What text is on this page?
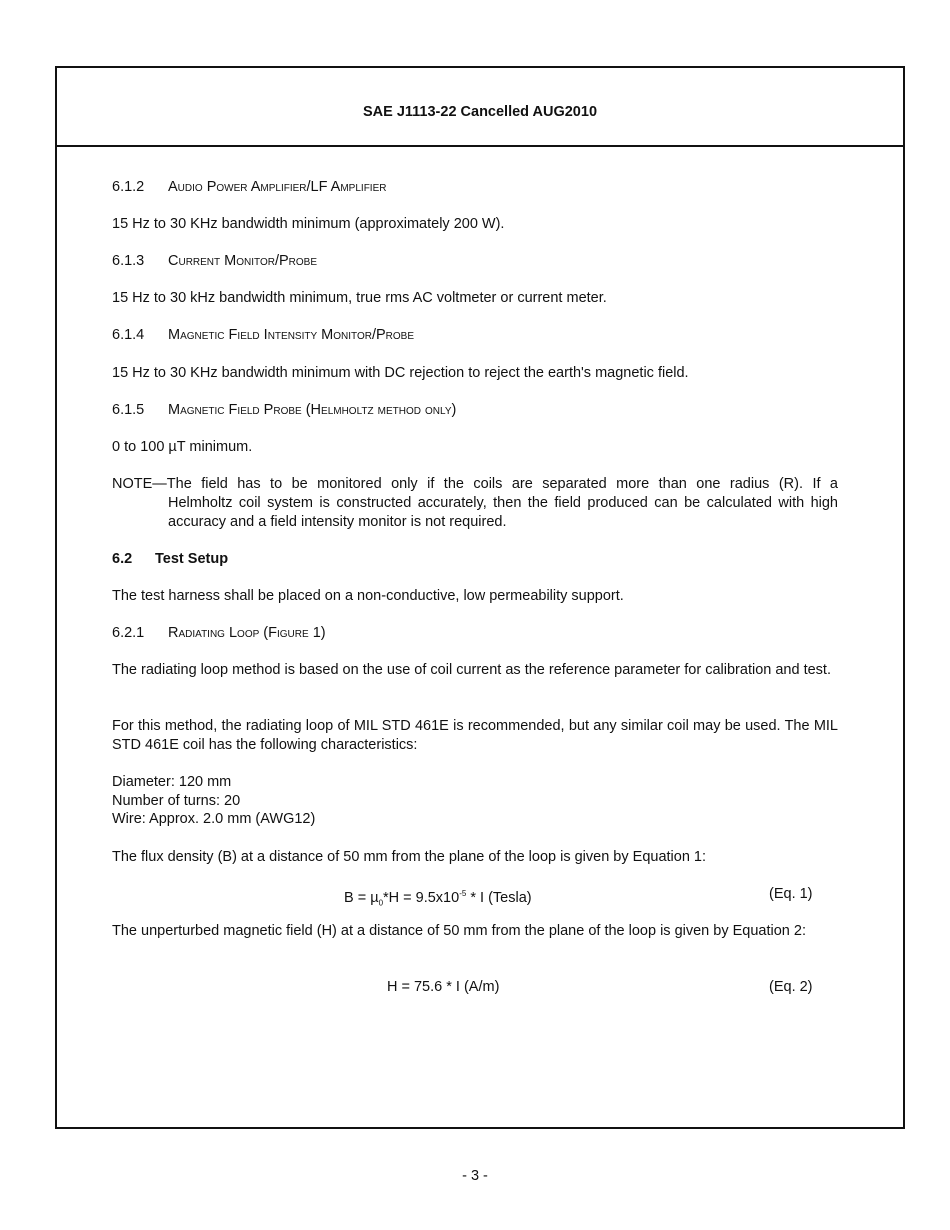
SAE J1113-22 Cancelled AUG2010
6.1.2 Audio Power Amplifier/LF Amplifier
15 Hz to 30 KHz bandwidth minimum (approximately 200 W).
6.1.3 Current Monitor/Probe
15 Hz to 30 kHz bandwidth minimum, true rms AC voltmeter or current meter.
6.1.4 Magnetic Field Intensity Monitor/Probe
15 Hz to 30 KHz bandwidth minimum with DC rejection to reject the earth's magnetic field.
6.1.5 Magnetic Field Probe (Helmholtz method only)
0 to 100 µT minimum.
NOTE—The field has to be monitored only if the coils are separated more than one radius (R). If a
Helmholtz coil system is constructed accurately, then the field produced can be calculated with high accuracy and a field intensity monitor is not required.
6.2 Test Setup
The test harness shall be placed on a non-conductive, low permeability support.
6.2.1 Radiating Loop (Figure 1)
The radiating loop method is based on the use of coil current as the reference parameter for calibration and test.
For this method, the radiating loop of MIL STD 461E is recommended, but any similar coil may be used. The MIL STD 461E coil has the following characteristics:
Diameter: 120 mm
Number of turns: 20
Wire: Approx. 2.0 mm (AWG12)
The flux density (B) at a distance of 50 mm from the plane of the loop is given by Equation 1:
$B = \mu_0*H = 9.5x10^{-5} * I$ (Tesla)	(Eq. 1)
The unperturbed magnetic field (H) at a distance of 50 mm from the plane of the loop is given by Equation 2:
H = 75.6 * I (A/m)	(Eq. 2)
- 3 -
